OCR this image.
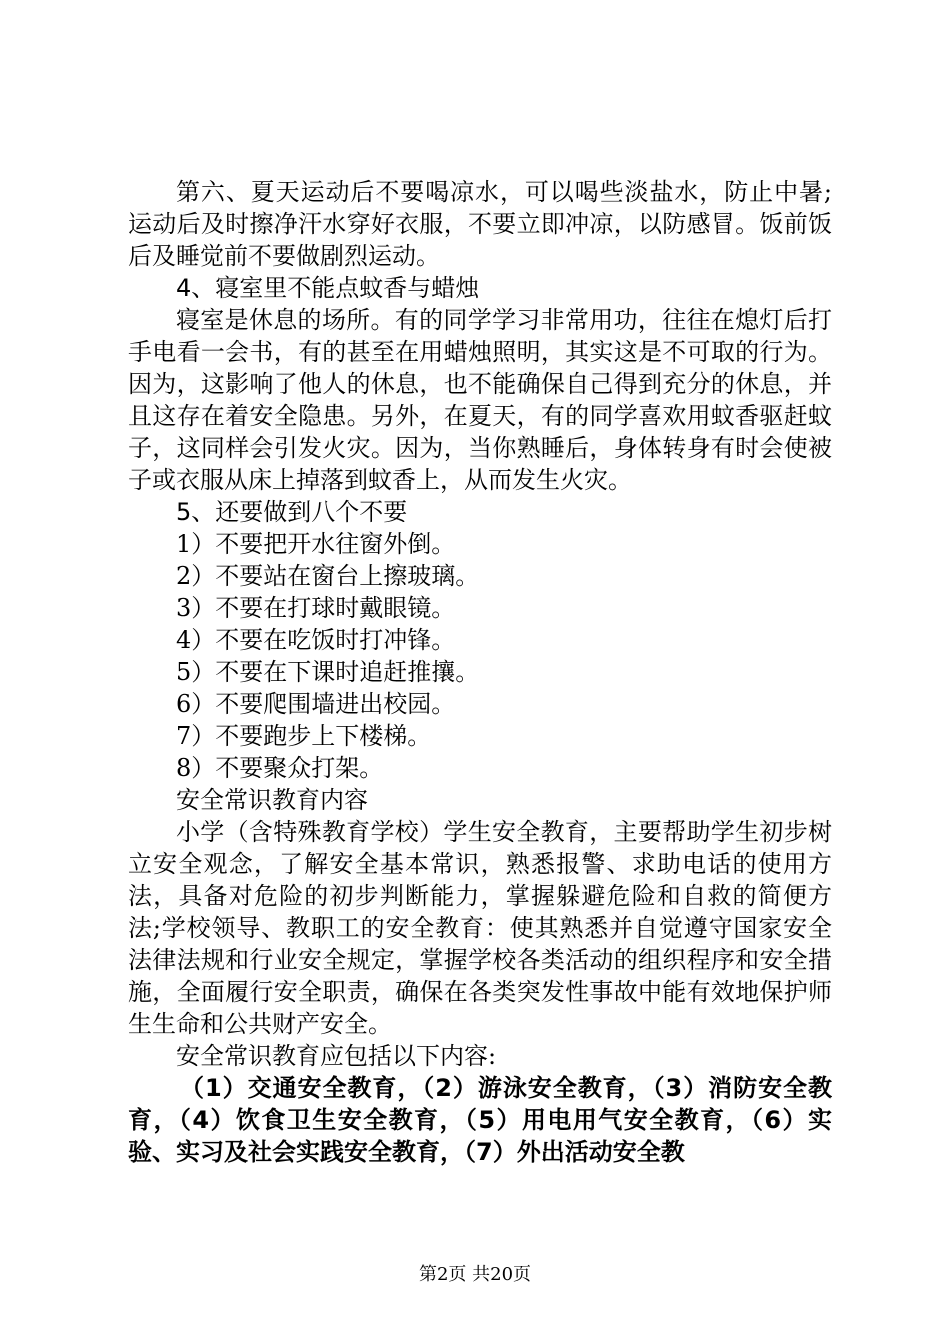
第六、夏天运动后不要喝凉水，可以喝些淡盐水，防止中暑;运动后及时擦净汗水穿好衣服，不要立即冲凉，以防感冒。饭前饭后及睡觉前不要做剧烈运动。

4、寝室里不能点蚊香与蜡烛

寝室是休息的场所。有的同学学习非常用功，往往在熄灯后打手电看一会书，有的甚至在用蜡烛照明，其实这是不可取的行为。因为，这影响了他人的休息，也不能确保自己得到充分的休息，并且这存在着安全隐患。另外，在夏天，有的同学喜欢用蚊香驱赶蚊子，这同样会引发火灾。因为，当你熟睡后，身体转身有时会使被子或衣服从床上掉落到蚊香上，从而发生火灾。

5、还要做到八个不要

1）不要把开水往窗外倒。

2）不要站在窗台上擦玻璃。

3）不要在打球时戴眼镜。

4）不要在吃饭时打冲锋。

5）不要在下课时追赶推攘。

6）不要爬围墙进出校园。

7）不要跑步上下楼梯。

8）不要聚众打架。

安全常识教育内容

小学（含特殊教育学校）学生安全教育，主要帮助学生初步树立安全观念，了解安全基本常识，熟悉报警、求助电话的使用方法，具备对危险的初步判断能力，掌握躲避危险和自救的简便方法;学校领导、教职工的安全教育：使其熟悉并自觉遵守国家安全法律法规和行业安全规定，掌握学校各类活动的组织程序和安全措施，全面履行安全职责，确保在各类突发性事故中能有效地保护师生生命和公共财产安全。

安全常识教育应包括以下内容:

（1）交通安全教育，（2）游泳安全教育，（3）消防安全教育，（4）饮食卫生安全教育，（5）用电用气安全教育，（6）实验、实习及社会实践安全教育，（7）外出活动安全教

第2页 共20页
